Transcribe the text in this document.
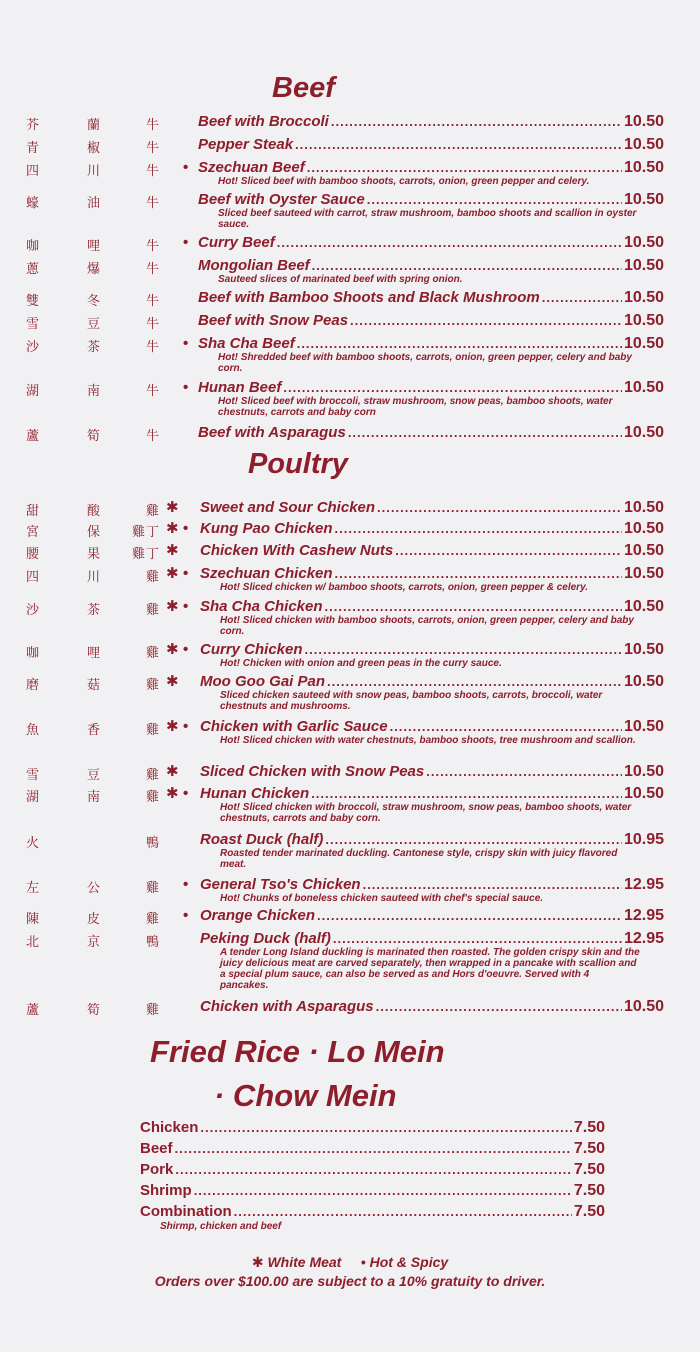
Beef
芥	蘭	牛	Beef with Broccoli .....	10.50
青	椒	牛	Pepper Steak .....	10.50
四	川	牛 • Szechuan Beef .....	10.50
Hot! Sliced beef with bamboo shoots, carrots, onion, green pepper and celery.
蠔	油	牛	Beef with Oyster Sauce .....	10.50
Sliced beef sauteed with carrot, straw mushroom, bamboo shoots and scallion in oyster sauce.
咖	哩	牛 • Curry Beef .....	10.50
蔥	爆	牛	Mongolian Beef .....	10.50
Sauteed slices of marinated beef with spring onion.
雙	冬	牛	Beef with Bamboo Shoots and Black Mushroom .....	10.50
雪	豆	牛	Beef with Snow Peas .....	10.50
沙	茶	牛 • Sha Cha Beef .....	10.50
Hot! Shredded beef with bamboo shoots, carrots, onion, green pepper, celery and baby corn.
湖	南	牛 • Hunan Beef .....	10.50
Hot! Sliced beef with broccoli, straw mushroom, snow peas, bamboo shoots, water chestnuts, carrots and baby corn
蘆	筍	牛	Beef with Asparagus .....	10.50
Poultry
甜	酸	雞 ✱ Sweet and Sour Chicken .....	10.50
宮	保 雞 丁 ✱ • Kung Pao Chicken .....	10.50
腰	果 雞 丁 ✱ Chicken With Cashew Nuts .....	10.50
四	川	雞 ✱ • Szechuan Chicken .....	10.50
Hot! Sliced chicken w/ bamboo shoots, carrots, onion, green pepper & celery.
沙	茶	雞 ✱ • Sha Cha Chicken .....	10.50
Hot! Sliced chicken with bamboo shoots, carrots, onion, green pepper, celery and baby corn.
咖	哩	雞 ✱ • Curry Chicken .....	10.50
Hot! Chicken with onion and green peas in the curry sauce.
磨	菇	雞 ✱ Moo Goo Gai Pan .....	10.50
Sliced chicken sauteed with snow peas, bamboo shoots, carrots, broccoli, water chestnuts and mushrooms.
魚	香	雞 ✱ • Chicken with Garlic Sauce .....	10.50
Hot! Sliced chicken with water chestnuts, bamboo shoots, tree mushroom and scallion.
雪	豆	雞 ✱ Sliced Chicken with Snow Peas .....	10.50
湖	南	雞 ✱ • Hunan Chicken .....	10.50
Hot! Sliced chicken with broccoli, straw mushroom, snow peas, bamboo shoots, water chestnuts, carrots and baby corn.
火	鴨	Roast Duck (half) .....	10.95
Roasted tender marinated duckling. Cantonese style, crispy skin with juicy flavored meat.
左	公	雞 • General Tso's Chicken .....	12.95
Hot! Chunks of boneless chicken sauteed with chef's special sauce.
陳	皮	雞 • Orange Chicken .....	12.95
北	京	鴨	Peking Duck (half) .....	12.95
A tender Long Island duckling is marinated then roasted. The golden crispy skin and the juicy delicious meat are carved separately, then wrapped in a pancake with scallion and a special plum sauce, can also be served as and Hors d'oeuvre. Served with 4 pancakes.
蘆	筍	雞	Chicken with Asparagus .....	10.50
Fried Rice · Lo Mein
· Chow Mein
Chicken .....	7.50
Beef .....	7.50
Pork .....	7.50
Shrimp .....	7.50
Combination .....	7.50
Shirmp, chicken and beef
✱ White Meat • Hot & Spicy
Orders over $100.00 are subject to a 10% gratuity to driver.
